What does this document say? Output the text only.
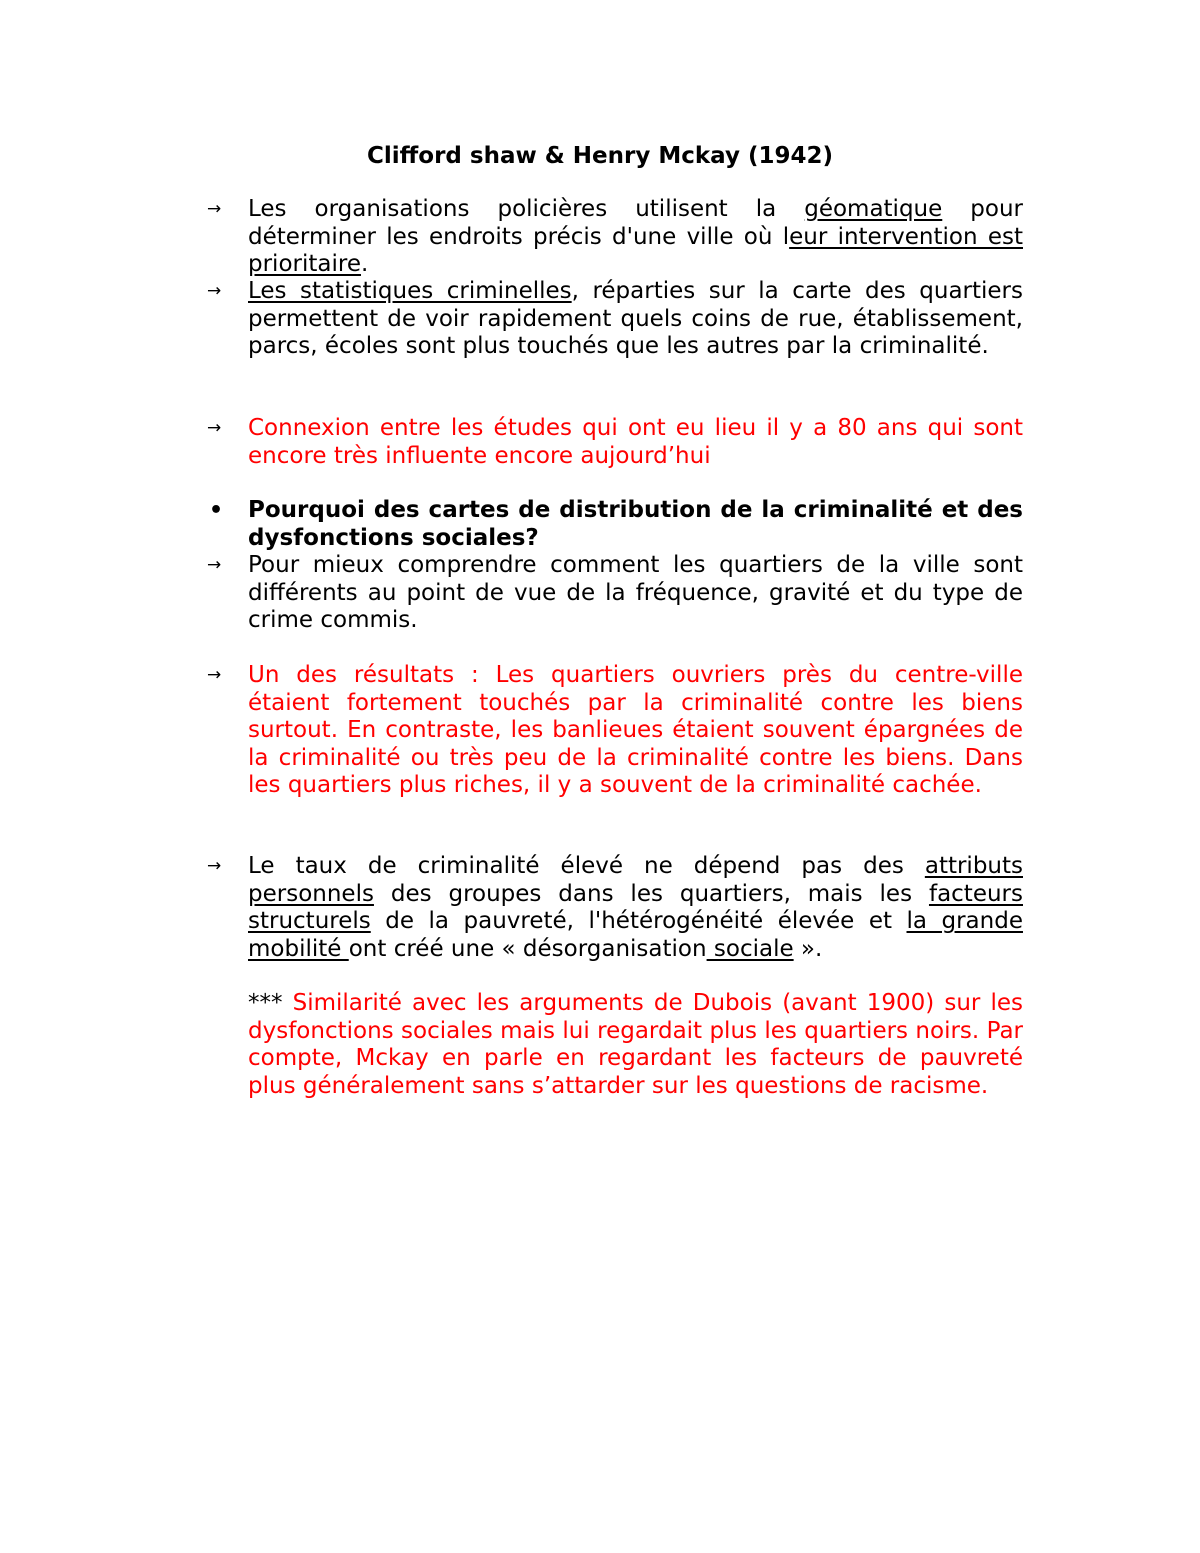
Clifford shaw & Henry Mckay (1942)
→	Les organisations policières utilisent la géomatique pour déterminer les endroits précis d'une ville où leur intervention est prioritaire.
→	Les statistiques criminelles, réparties sur la carte des quartiers permettent de voir rapidement quels coins de rue, établissement, parcs, écoles sont plus touchés que les autres par la criminalité.
→	Connexion entre les études qui ont eu lieu il y a 80 ans qui sont encore très influente encore aujourd’hui
•	Pourquoi des cartes de distribution de la criminalité et des dysfonctions sociales?
→	Pour mieux comprendre comment les quartiers de la ville sont différents au point de vue de la fréquence, gravité et du type de crime commis.
→	Un des résultats : Les quartiers ouvriers près du centre-ville étaient fortement touchés par la criminalité contre les biens surtout. En contraste, les banlieues étaient souvent épargnées de la criminalité ou très peu de la criminalité contre les biens. Dans les quartiers plus riches, il y a souvent de la criminalité cachée.
→	Le taux de criminalité élevé ne dépend pas des attributs personnels des groupes dans les quartiers, mais les facteurs structurels de la pauvreté, l'hétérogénéité élevée et la grande mobilité ont créé une « désorganisation sociale ».
*** Similarité avec les arguments de Dubois (avant 1900) sur les dysfonctions sociales mais lui regardait plus les quartiers noirs. Par compte, Mckay en parle en regardant les facteurs de pauvreté plus généralement sans s’attarder sur les questions de racisme.
